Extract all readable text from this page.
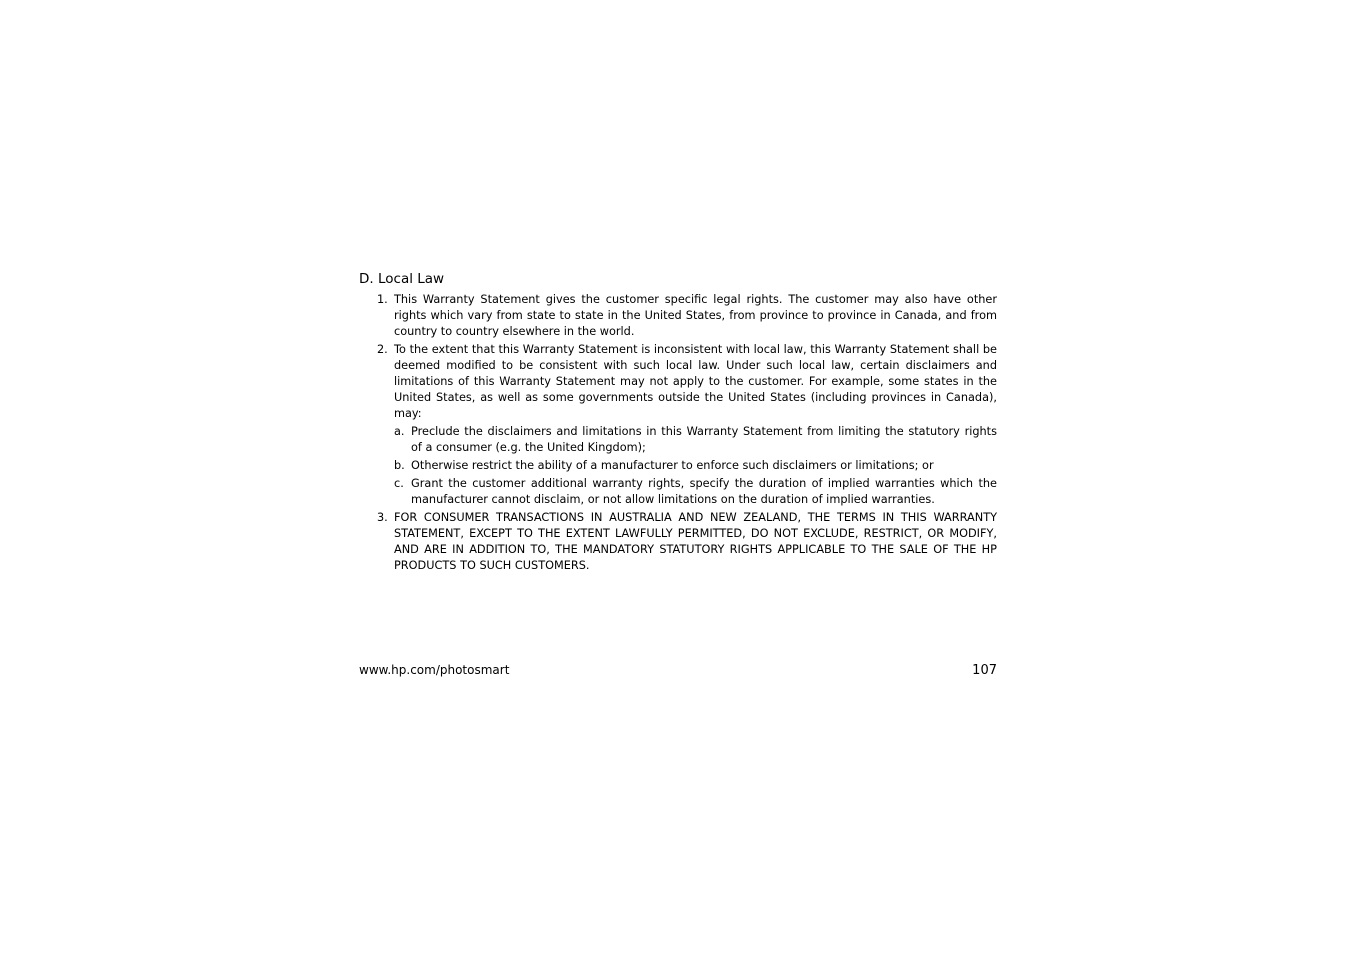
D. Local Law
1. This Warranty Statement gives the customer specific legal rights. The customer may also have other rights which vary from state to state in the United States, from province to province in Canada, and from country to country elsewhere in the world.
2. To the extent that this Warranty Statement is inconsistent with local law, this Warranty Statement shall be deemed modified to be consistent with such local law. Under such local law, certain disclaimers and limitations of this Warranty Statement may not apply to the customer. For example, some states in the United States, as well as some governments outside the United States (including provinces in Canada), may:
a. Preclude the disclaimers and limitations in this Warranty Statement from limiting the statutory rights of a consumer (e.g. the United Kingdom);
b. Otherwise restrict the ability of a manufacturer to enforce such disclaimers or limitations; or
c. Grant the customer additional warranty rights, specify the duration of implied warranties which the manufacturer cannot disclaim, or not allow limitations on the duration of implied warranties.
3. FOR CONSUMER TRANSACTIONS IN AUSTRALIA AND NEW ZEALAND, THE TERMS IN THIS WARRANTY STATEMENT, EXCEPT TO THE EXTENT LAWFULLY PERMITTED, DO NOT EXCLUDE, RESTRICT, OR MODIFY, AND ARE IN ADDITION TO, THE MANDATORY STATUTORY RIGHTS APPLICABLE TO THE SALE OF THE HP PRODUCTS TO SUCH CUSTOMERS.
www.hp.com/photosmart	107
